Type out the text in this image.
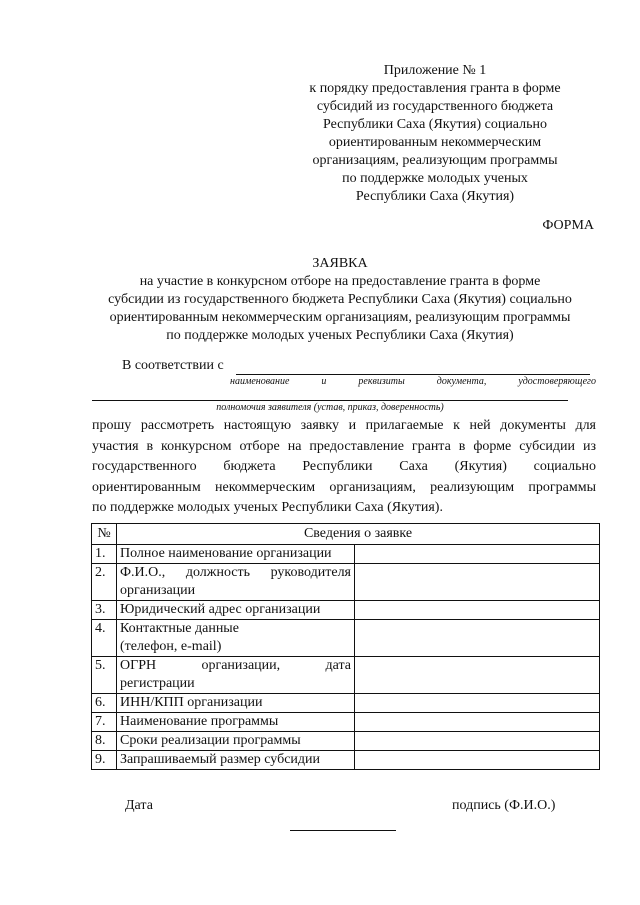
Приложение № 1
к порядку предоставления гранта в форме
субсидий из государственного бюджета
Республики Саха (Якутия) социально
ориентированным некоммерческим
организациям, реализующим программы
по поддержке молодых ученых
Республики Саха (Якутия)
ФОРМА
ЗАЯВКА
на участие в конкурсном отборе на предоставление гранта в форме
субсидии из государственного бюджета Республики Саха (Якутия) социально
ориентированным некоммерческим организациям, реализующим программы
по поддержке молодых ученых Республики Саха (Якутия)
В соответствии с
наименование	и	реквизиты	документа,	удостоверяющего
полномочия заявителя (устав, приказ, доверенность)
прошу рассмотреть настоящую заявку и прилагаемые к ней документы для
участия в конкурсном отборе на предоставление гранта в форме субсидии из
государственного бюджета Республики Саха (Якутия) социально
ориентированным некоммерческим организациям, реализующим программы
по поддержке молодых ученых Республики Саха (Якутия).
№	Сведения о заявке	
1.	Полное наименование организации	

2.	Ф.И.О., должность руководителя
организации	

3.	Юридический адрес организации	

4.	Контактные данные
(телефон, e-mail)	

5.	ОГРН организации, дата
регистрации	

6.	ИНН/КПП организации	

7.	Наименование программы	

8.	Сроки реализации программы	

9.	Запрашиваемый размер субсидии	

Дата	подпись (Ф.И.О.)
